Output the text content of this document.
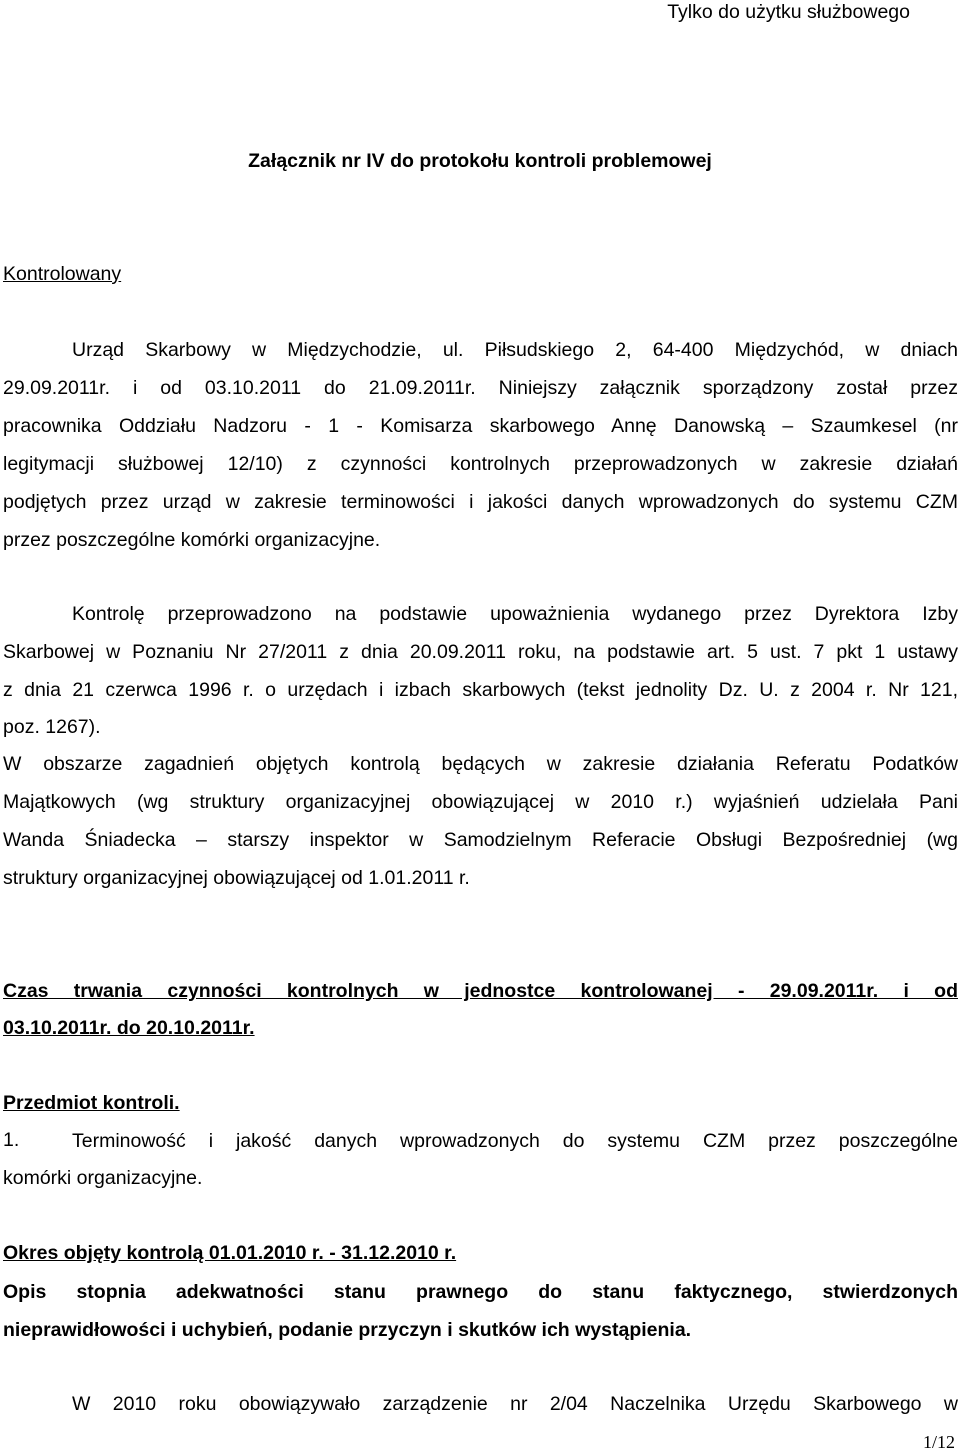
Tylko do użytku służbowego

Załącznik nr IV do protokołu kontroli problemowej

Kontrolowany

Urząd Skarbowy w Międzychodzie, ul. Piłsudskiego 2, 64-400 Międzychód, w dniach

29.09.2011r. i od 03.10.2011 do 21.09.2011r. Niniejszy załącznik sporządzony został przez

pracownika Oddziału Nadzoru - 1 - Komisarza skarbowego Annę Danowską – Szaumkesel (nr

legitymacji służbowej 12/10) z czynności kontrolnych przeprowadzonych w zakresie działań

podjętych przez urząd w zakresie terminowości i jakości danych wprowadzonych do systemu CZM

przez poszczególne komórki organizacyjne.

Kontrolę przeprowadzono na podstawie upoważnienia wydanego przez Dyrektora Izby

Skarbowej w Poznaniu Nr 27/2011 z dnia 20.09.2011 roku, na podstawie art. 5 ust. 7 pkt 1 ustawy

z dnia 21 czerwca 1996 r. o urzędach i izbach skarbowych (tekst jednolity Dz. U. z 2004 r. Nr 121,

poz. 1267).

W obszarze zagadnień objętych kontrolą będących w zakresie działania Referatu Podatków

Majątkowych (wg struktury organizacyjnej obowiązującej w 2010 r.) wyjaśnień udzielała Pani

Wanda Śniadecka – starszy inspektor w Samodzielnym Referacie Obsługi Bezpośredniej (wg

struktury organizacyjnej obowiązującej od 1.01.2011 r.

Czas trwania czynności kontrolnych w jednostce kontrolowanej - 29.09.2011r. i od

03.10.2011r. do 20.10.2011r.

Przedmiot kontroli.

1.	Terminowość i jakość danych wprowadzonych do systemu CZM przez poszczególne

komórki organizacyjne.

Okres objęty kontrolą 01.01.2010 r. - 31.12.2010 r.

Opis stopnia adekwatności stanu prawnego do stanu faktycznego, stwierdzonych

nieprawidłowości i uchybień, podanie przyczyn i skutków ich wystąpienia.

W 2010 roku obowiązywało zarządzenie nr 2/04 Naczelnika Urzędu Skarbowego w

1/12
